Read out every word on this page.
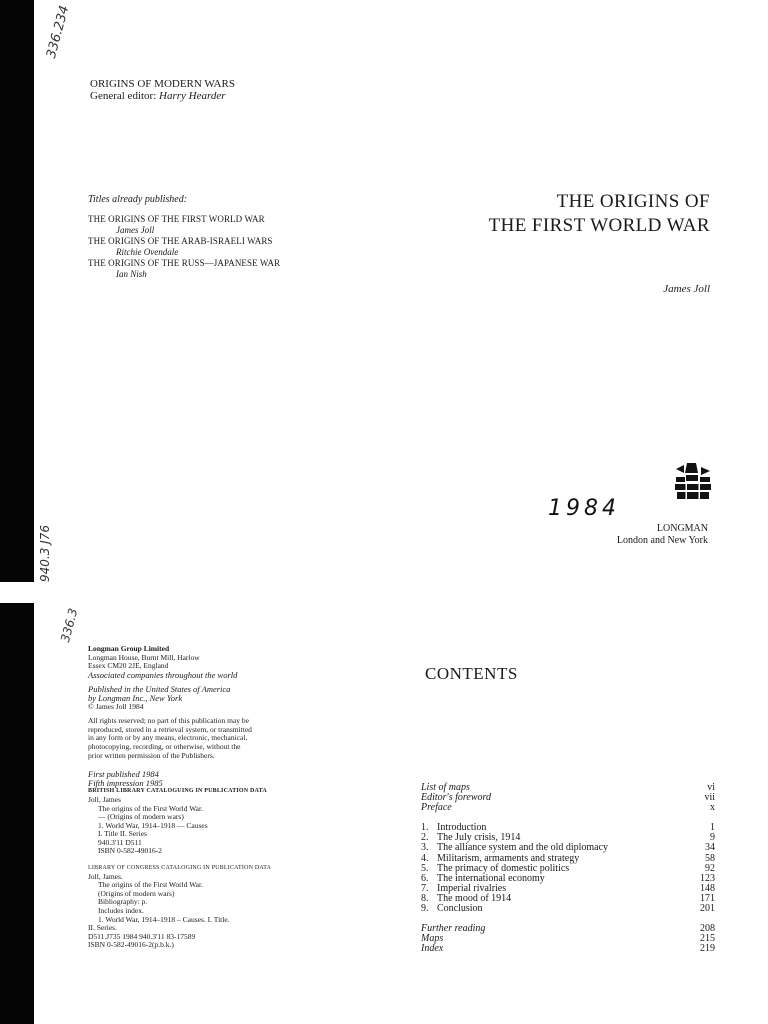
336.234
940.3 J76
336.3
ORIGINS OF MODERN WARS
General editor: Harry Hearder
Titles already published:
THE ORIGINS OF THE FIRST WORLD WAR
James Joll
THE ORIGINS OF THE ARAB-ISRAELI WARS
Ritchie Ovendale
THE ORIGINS OF THE RUSS—JAPANESE WAR
Ian Nish
THE ORIGINS OF
THE FIRST WORLD WAR
James Joll
1984
LONGMAN
London and New York
Longman Group Limited
Longman House, Burnt Mill, Harlow
Essex CM20 2JE, England
Associated companies throughout the world
Published in the United States of America
by Longman Inc., New York
© James Joll 1984
All rights reserved; no part of this publication may be
reproduced, stored in a retrieval system, or transmitted
in any form or by any means, electronic, mechanical,
photocopying, recording, or otherwise, without the
prior written permission of the Publishers.
First published 1984
Fifth impression 1985
BRITISH LIBRARY CATALOGUING IN PUBLICATION DATA
Joll, James
The origins of the First World War.
— (Origins of modern wars)
1. World War, 1914–1918 — Causes
I. Title II. Series
940.3'11 D511
ISBN 0-582-49016-2
LIBRARY OF CONGRESS CATALOGING IN PUBLICATION DATA
Joll, James.
The origins of the First World War.
(Origins of modern wars)
Bibliography: p.
Includes index.
1. World War, 1914–1918 – Causes. I. Title.
II. Series.
D511.J735 1984 940.3'11 83-17589
ISBN 0-582-49016-2(p.b.k.)
CONTENTS
List of maps	vi
Editor's foreword	vii
Preface	x
1. Introduction	1
2. The July crisis, 1914	9
3. The alliance system and the old diplomacy	34
4. Militarism, armaments and strategy	58
5. The primacy of domestic politics	92
6. The international economy	123
7. Imperial rivalries	148
8. The mood of 1914	171
9. Conclusion	201
Further reading	208
Maps	215
Index	219
